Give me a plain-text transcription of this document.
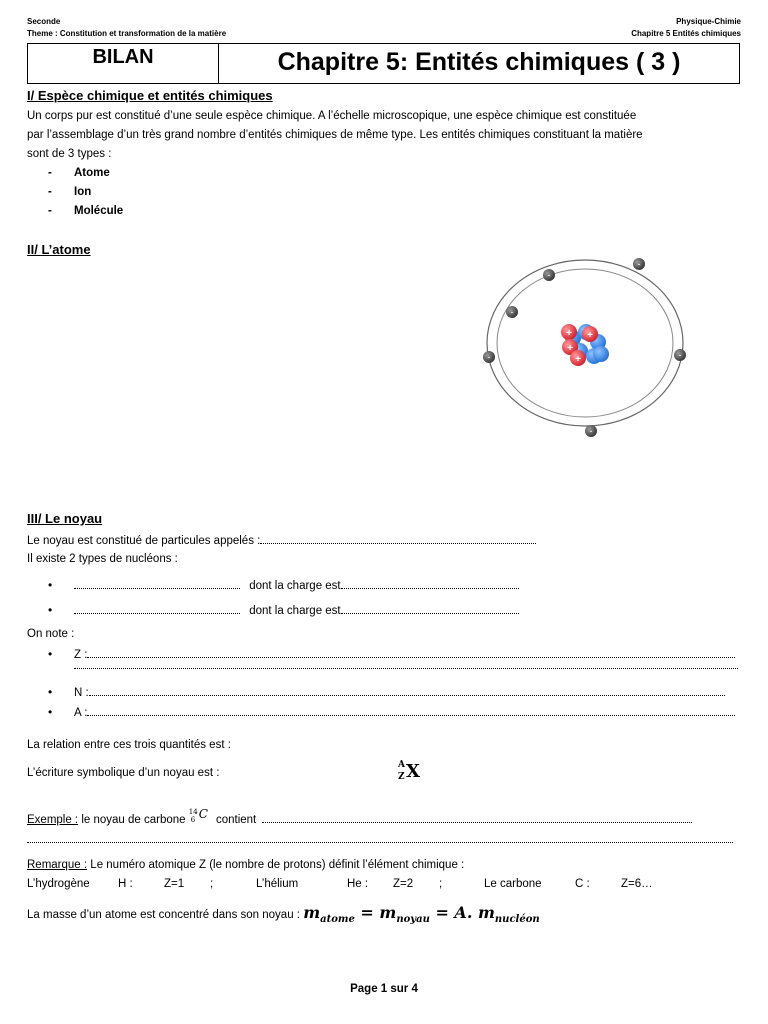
Seconde
Theme : Constitution et transformation de la matière
Physique-Chimie
Chapitre 5 Entités chimiques
BILAN	Chapitre 5: Entités chimiques ( 3 )
I/ Espèce chimique et entités chimiques
Un corps pur est constitué d’une seule espèce chimique. A l’échelle microscopique, une espèce chimique est constituée
par l’assemblage d’un très grand nombre d’entités chimiques de même type. Les entités chimiques constituant la matière
sont de 3 types :
- Atome
- Ion
- Molécule
II/ L’atome
+ +
+
+
-
-
-
-	-
-
III/ Le noyau
Le noyau est constitué de particules appelés :
Il existe 2 types de nucléons :
•	dont la charge est
•	dont la charge est
On note :
• Z :
• N :
• A :
La relation entre ces trois quantités est :
L’écriture symbolique d’un noyau est :
A
Z X
Exemple : le noyau de carbone
14
6 C contient
Remarque : Le numéro atomique Z (le nombre de protons) définit l’élément chimique :
L’hydrogène H :	Z=1 ;	L’hélium	He : Z=2 ;	Le carbone	C :	Z=6…
La masse d’un atome est concentré dans son noyau : $m_{atome} = m_{noyau} = A$. $m_{nucléon}$
Page 1 sur 4
